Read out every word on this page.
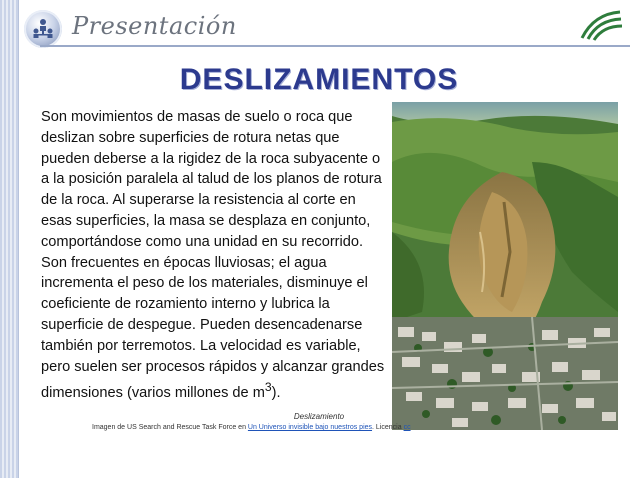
Presentación
DESLIZAMIENTOS
Son movimientos de masas de suelo o roca que deslizan sobre superficies de rotura netas que pueden deberse a la rigidez de la roca subyacente o a la posición paralela al talud de los planos de rotura de la roca. Al superarse la resistencia al corte en esas superficies, la masa se desplaza en conjunto, comportándose como una unidad en su recorrido. Son frecuentes en épocas lluviosas; el agua incrementa el peso de los materiales, disminuye el coeficiente de rozamiento interno y lubrica la superficie de despegue. Pueden desencadenarse también por terremotos. La velocidad es variable, pero suelen ser procesos rápidos y alcanzar grandes dimensiones (varios millones de $m^3$).
Deslizamiento
Imagen de US Search and Rescue Task Force en Un Universo invisible bajo nuestros pies. Licencia cc
